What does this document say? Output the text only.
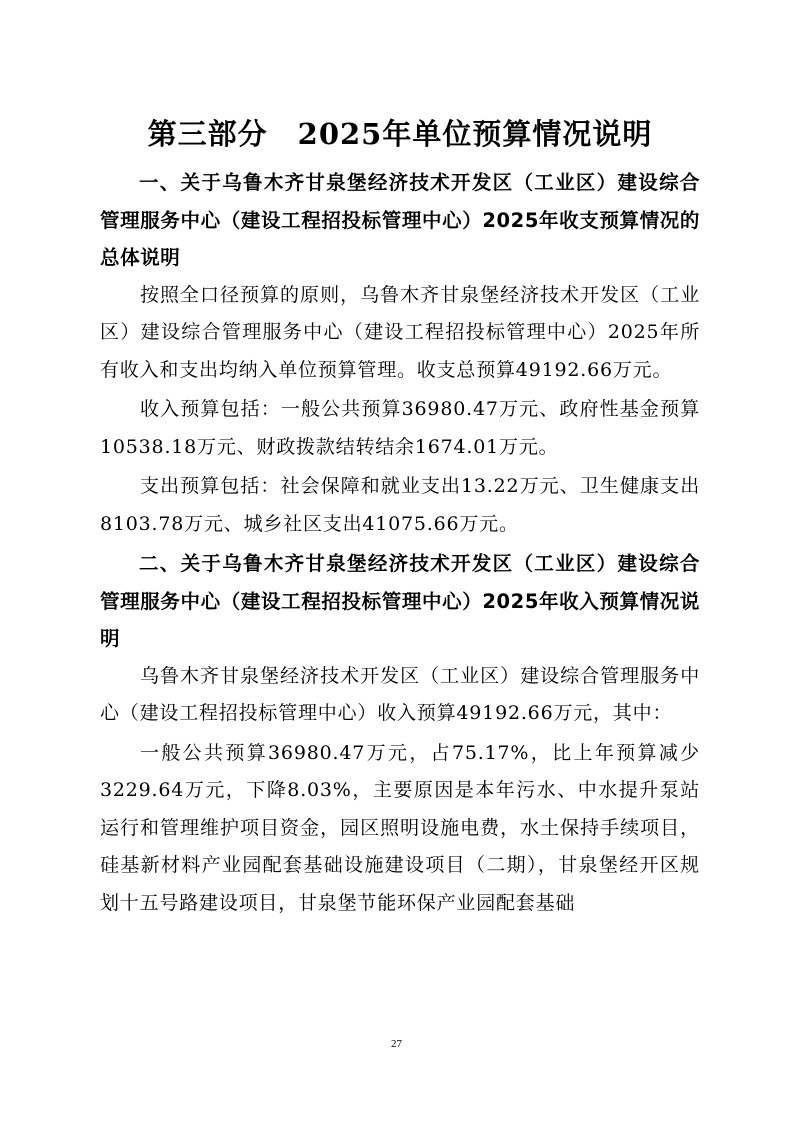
第三部分　2025年单位预算情况说明

一、关于乌鲁木齐甘泉堡经济技术开发区（工业区）建设综合管理服务中心（建设工程招投标管理中心）2025年收支预算情况的总体说明

按照全口径预算的原则，乌鲁木齐甘泉堡经济技术开发区（工业区）建设综合管理服务中心（建设工程招投标管理中心）2025年所有收入和支出均纳入单位预算管理。收支总预算49192.66万元。

收入预算包括：一般公共预算36980.47万元、政府性基金预算10538.18万元、财政拨款结转结余1674.01万元。

支出预算包括：社会保障和就业支出13.22万元、卫生健康支出8103.78万元、城乡社区支出41075.66万元。

二、关于乌鲁木齐甘泉堡经济技术开发区（工业区）建设综合管理服务中心（建设工程招投标管理中心）2025年收入预算情况说明

乌鲁木齐甘泉堡经济技术开发区（工业区）建设综合管理服务中心（建设工程招投标管理中心）收入预算49192.66万元，其中：

一般公共预算36980.47万元，占75.17%，比上年预算减少3229.64万元，下降8.03%，主要原因是本年污水、中水提升泵站运行和管理维护项目资金，园区照明设施电费，水土保持手续项目，硅基新材料产业园配套基础设施建设项目（二期），甘泉堡经开区规划十五号路建设项目，甘泉堡节能环保产业园配套基础

27
